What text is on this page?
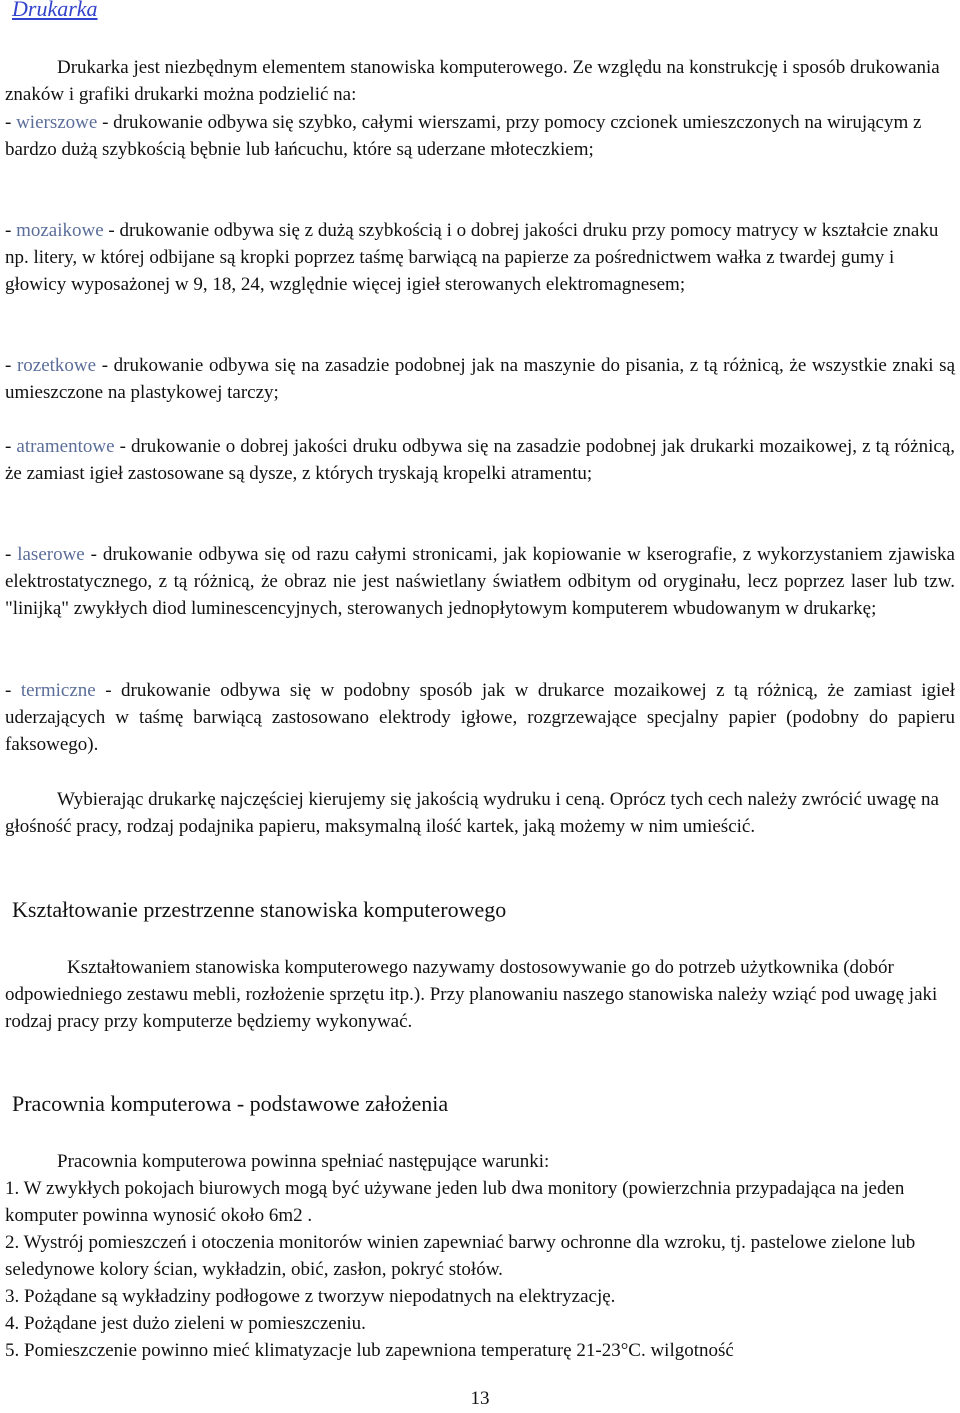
Drukarka

Drukarka jest niezbędnym elementem stanowiska komputerowego. Ze względu na konstrukcję i sposób drukowania znaków i grafiki drukarki można podzielić na:

- wierszowe - drukowanie odbywa się szybko, całymi wierszami, przy pomocy czcionek umieszczonych na wirującym z bardzo dużą szybkością bębnie lub łańcuchu, które są uderzane młoteczkiem;

- mozaikowe - drukowanie odbywa się z dużą szybkością i o dobrej jakości druku przy pomocy matrycy w kształcie znaku np. litery, w której odbijane są kropki poprzez taśmę barwiącą na papierze za pośrednictwem wałka z twardej gumy i głowicy wyposażonej w 9, 18, 24, względnie więcej igieł sterowanych elektromagnesem;

- rozetkowe - drukowanie odbywa się na zasadzie podobnej jak na maszynie do pisania, z tą różnicą, że wszystkie znaki są umieszczone na plastykowej tarczy;

- atramentowe - drukowanie o dobrej jakości druku odbywa się na zasadzie podobnej jak drukarki mozaikowej, z tą różnicą, że zamiast igieł zastosowane są dysze, z których tryskają kropelki atramentu;

- laserowe - drukowanie odbywa się od razu całymi stronicami, jak kopiowanie w kserografie, z wykorzystaniem zjawiska elektrostatycznego, z tą różnicą, że obraz nie jest naświetlany światłem odbitym od oryginału, lecz poprzez laser lub tzw. "linijką" zwykłych diod luminescencyjnych, sterowanych jednopłytowym komputerem wbudowanym w drukarkę;

- termiczne - drukowanie odbywa się w podobny sposób jak w drukarce mozaikowej z tą różnicą, że zamiast igieł uderzających w taśmę barwiącą zastosowano elektrody igłowe, rozgrzewające specjalny papier (podobny do papieru faksowego).

Wybierając drukarkę najczęściej kierujemy się jakością wydruku i ceną. Oprócz tych cech należy zwrócić uwagę na głośność pracy, rodzaj podajnika papieru, maksymalną ilość kartek, jaką możemy w nim umieścić.

Kształtowanie przestrzenne stanowiska komputerowego

Kształtowaniem stanowiska komputerowego nazywamy dostosowywanie go do potrzeb użytkownika (dobór odpowiedniego zestawu mebli, rozłożenie sprzętu itp.). Przy planowaniu naszego stanowiska należy wziąć pod uwagę jaki rodzaj pracy przy komputerze będziemy wykonywać.

Pracownia komputerowa - podstawowe założenia
Pracownia komputerowa powinna spełniać następujące warunki:
1. W zwykłych pokojach biurowych mogą być używane jeden lub dwa monitory (powierzchnia przypadająca na jeden komputer powinna wynosić około 6m2 .
2. Wystrój pomieszczeń i otoczenia monitorów winien zapewniać barwy ochronne dla wzroku, tj. pastelowe zielone lub seledynowe kolory ścian, wykładzin, obić, zasłon, pokryć stołów.
3. Pożądane są wykładziny podłogowe z tworzyw niepodatnych na elektryzację.
4. Pożądane jest dużo zieleni w pomieszczeniu.
5. Pomieszczenie powinno mieć klimatyzacje lub zapewniona temperaturę 21-23°C. wilgotność
13
